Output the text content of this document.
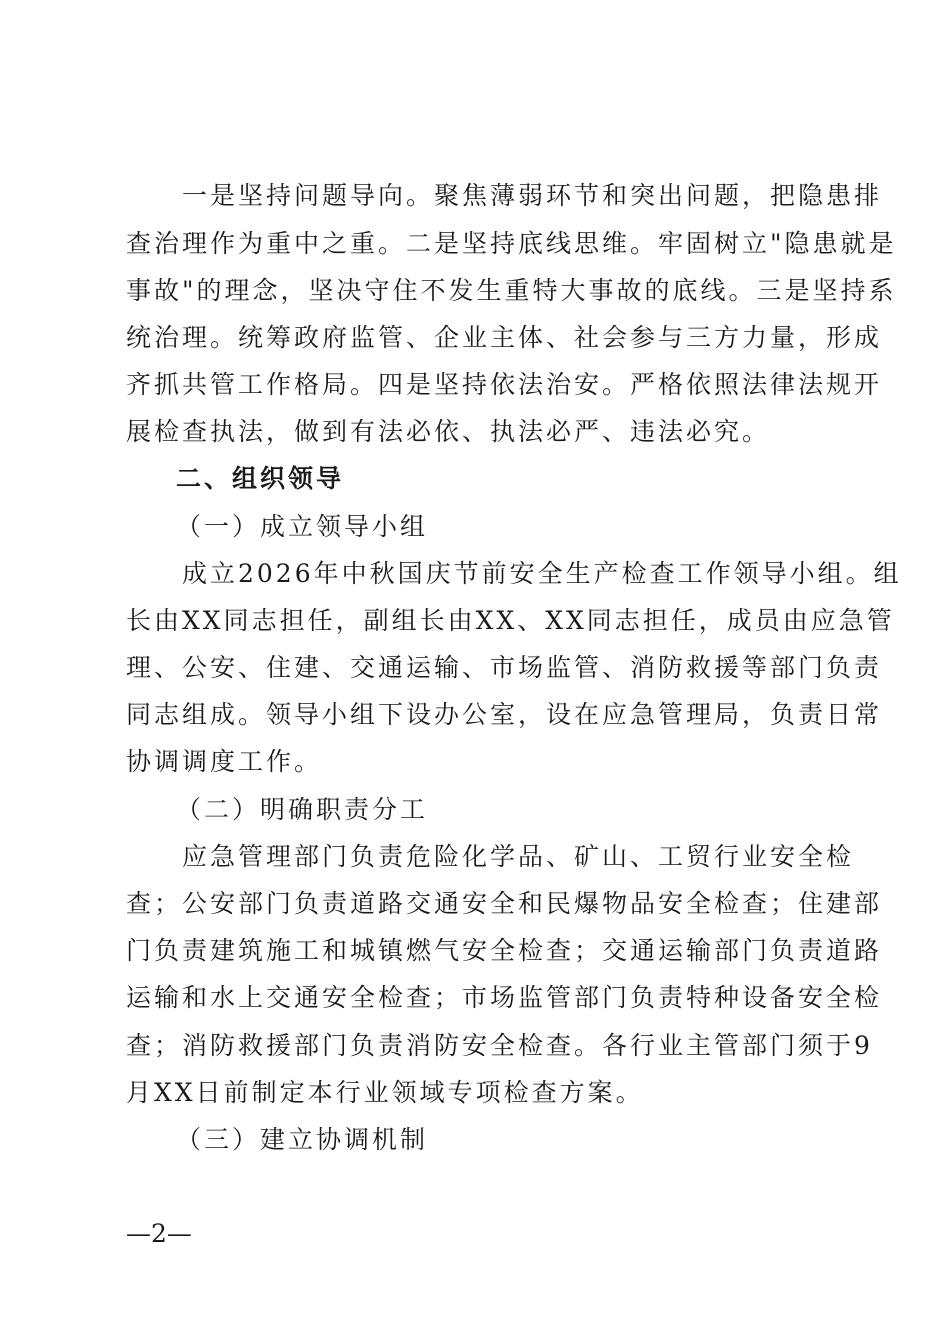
一是坚持问题导向。聚焦薄弱环节和突出问题，把隐患排
查治理作为重中之重。二是坚持底线思维。牢固树立"隐患就是
事故"的理念，坚决守住不发生重特大事故的底线。三是坚持系
统治理。统筹政府监管、企业主体、社会参与三方力量，形成
齐抓共管工作格局。四是坚持依法治安。严格依照法律法规开
展检查执法，做到有法必依、执法必严、违法必究。
二、组织领导
（一）成立领导小组
成立2026年中秋国庆节前安全生产检查工作领导小组。组
长由XX同志担任，副组长由XX、XX同志担任，成员由应急管
理、公安、住建、交通运输、市场监管、消防救援等部门负责
同志组成。领导小组下设办公室，设在应急管理局，负责日常
协调调度工作。
（二）明确职责分工
应急管理部门负责危险化学品、矿山、工贸行业安全检
查；公安部门负责道路交通安全和民爆物品安全检查；住建部
门负责建筑施工和城镇燃气安全检查；交通运输部门负责道路
运输和水上交通安全检查；市场监管部门负责特种设备安全检
查；消防救援部门负责消防安全检查。各行业主管部门须于9
月XX日前制定本行业领域专项检查方案。
（三）建立协调机制
—2—
